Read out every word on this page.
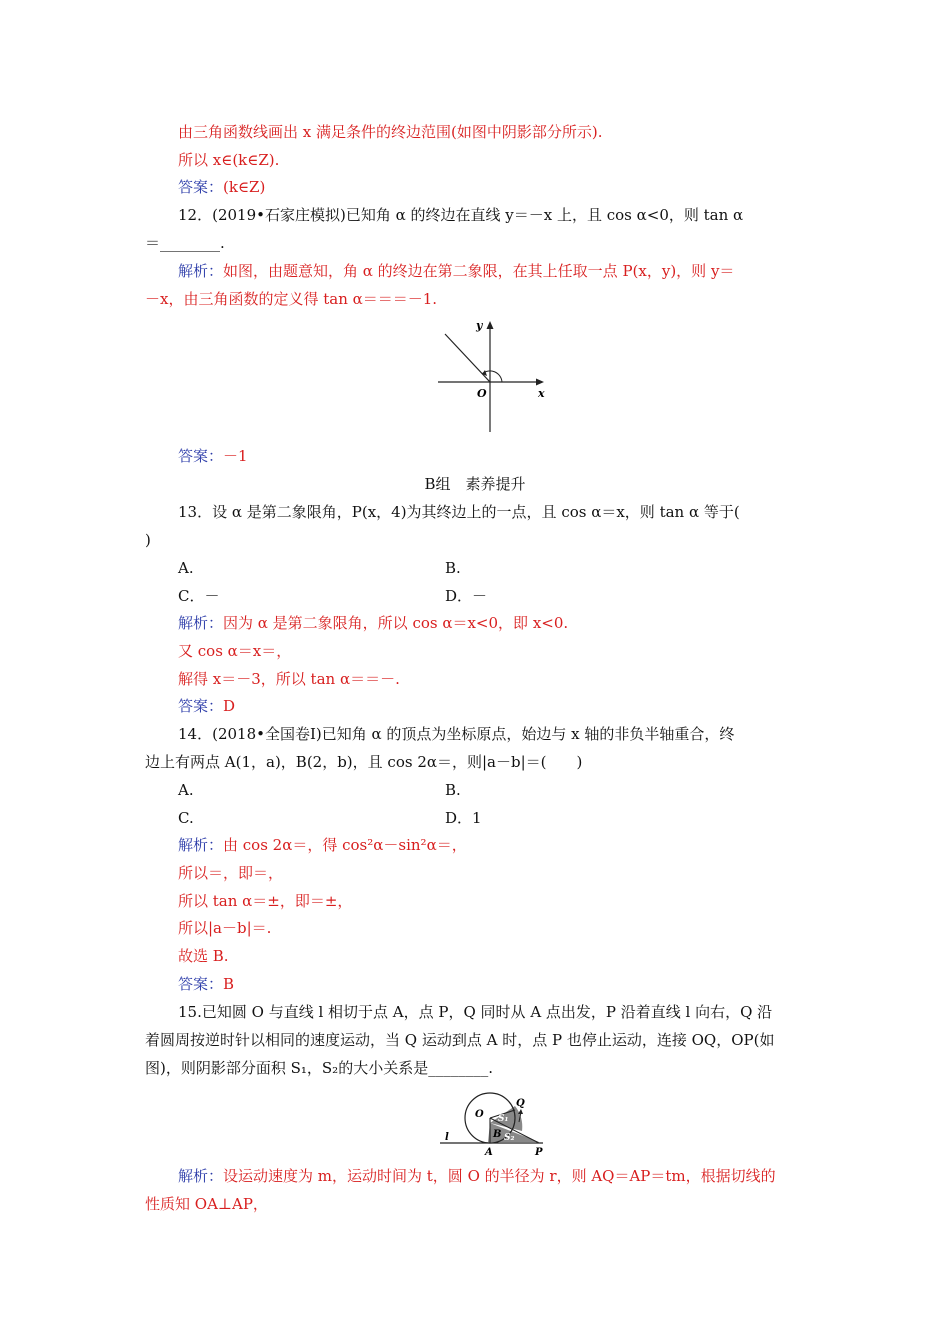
由三角函数线画出 x 满足条件的终边范围(如图中阴影部分所示).
所以 x∈(k∈Z).
答案：(k∈Z)
12．(2019•石家庄模拟)已知角 α 的终边在直线 y＝－x 上，且 cos α<0，则 tan α
＝________.
解析：如图，由题意知，角 α 的终边在第二象限，在其上任取一点 P(x，y)，则 y＝
－x，由三角函数的定义得 tan α＝＝＝－1.
y
x
O
答案：－1
B组　素养提升
13．设 α 是第二象限角，P(x，4)为其终边上的一点，且 cos α＝x，则 tan α 等于(
)
A.	B.
C．－	D．－
解析：因为 α 是第二象限角，所以 cos α＝x<0，即 x<0.
又 cos α＝x＝，
解得 x＝－3，所以 tan α＝＝－.
答案：D
14．(2018•全国卷Ⅰ)已知角 α 的顶点为坐标原点，始边与 x 轴的非负半轴重合，终
边上有两点 A(1，a)，B(2，b)，且 cos 2α＝，则|a－b|＝(　　)
A.	B.
C.	D．1
解析：由 cos 2α＝，得 cos²α－sin²α＝，
所以＝，即＝，
所以 tan α＝±，即＝±，
所以|a－b|＝.
故选 B.
答案：B
15.已知圆 O 与直线 l 相切于点 A，点 P，Q 同时从 A 点出发，P 沿着直线 l 向右，Q 沿
着圆周按逆时针以相同的速度运动，当 Q 运动到点 A 时，点 P 也停止运动，连接 OQ，OP(如
图)，则阴影部分面积 S₁，S₂的大小关系是________.
O
Q
S₁
B S₂
l
A	P
解析：设运动速度为 m，运动时间为 t，圆 O 的半径为 r，则 AQ＝AP＝tm，根据切线的
性质知 OA⊥AP，
